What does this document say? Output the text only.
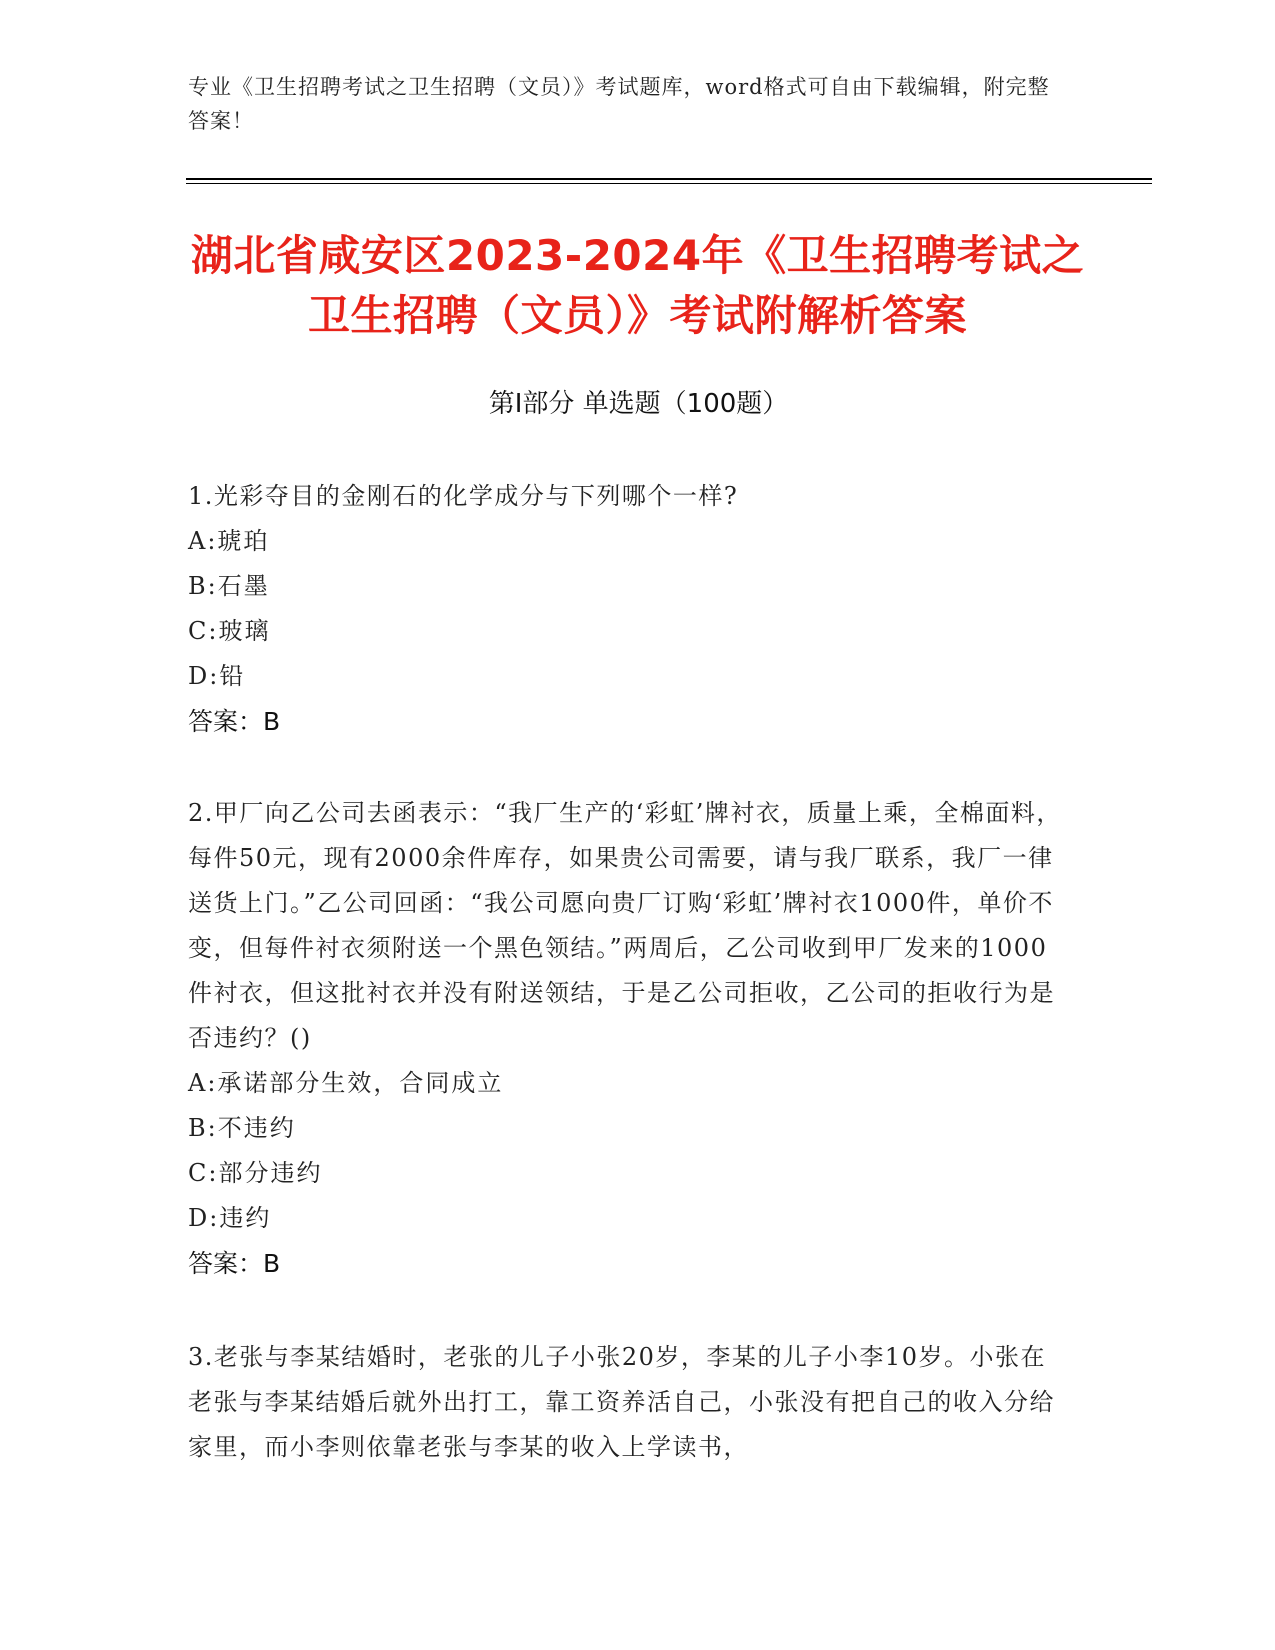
专业《卫生招聘考试之卫生招聘（文员）》考试题库，word格式可自由下载编辑，附完整答案！
湖北省咸安区2023-2024年《卫生招聘考试之卫生招聘（文员）》考试附解析答案
第I部分 单选题（100题）
1.光彩夺目的金刚石的化学成分与下列哪个一样?
A:琥珀
B:石墨
C:玻璃
D:铅
答案：B
2.甲厂向乙公司去函表示：“我厂生产的‘彩虹’牌衬衣，质量上乘，全棉面料，每件50元，现有2000余件库存，如果贵公司需要，请与我厂联系，我厂一律送货上门。”乙公司回函：“我公司愿向贵厂订购‘彩虹’牌衬衣1000件，单价不变，但每件衬衣须附送一个黑色领结。”两周后，乙公司收到甲厂发来的1000件衬衣，但这批衬衣并没有附送领结，于是乙公司拒收，乙公司的拒收行为是否违约？()
A:承诺部分生效，合同成立
B:不违约
C:部分违约
D:违约
答案：B
3.老张与李某结婚时，老张的儿子小张20岁，李某的儿子小李10岁。小张在老张与李某结婚后就外出打工，靠工资养活自己，小张没有把自己的收入分给家里，而小李则依靠老张与李某的收入上学读书，
